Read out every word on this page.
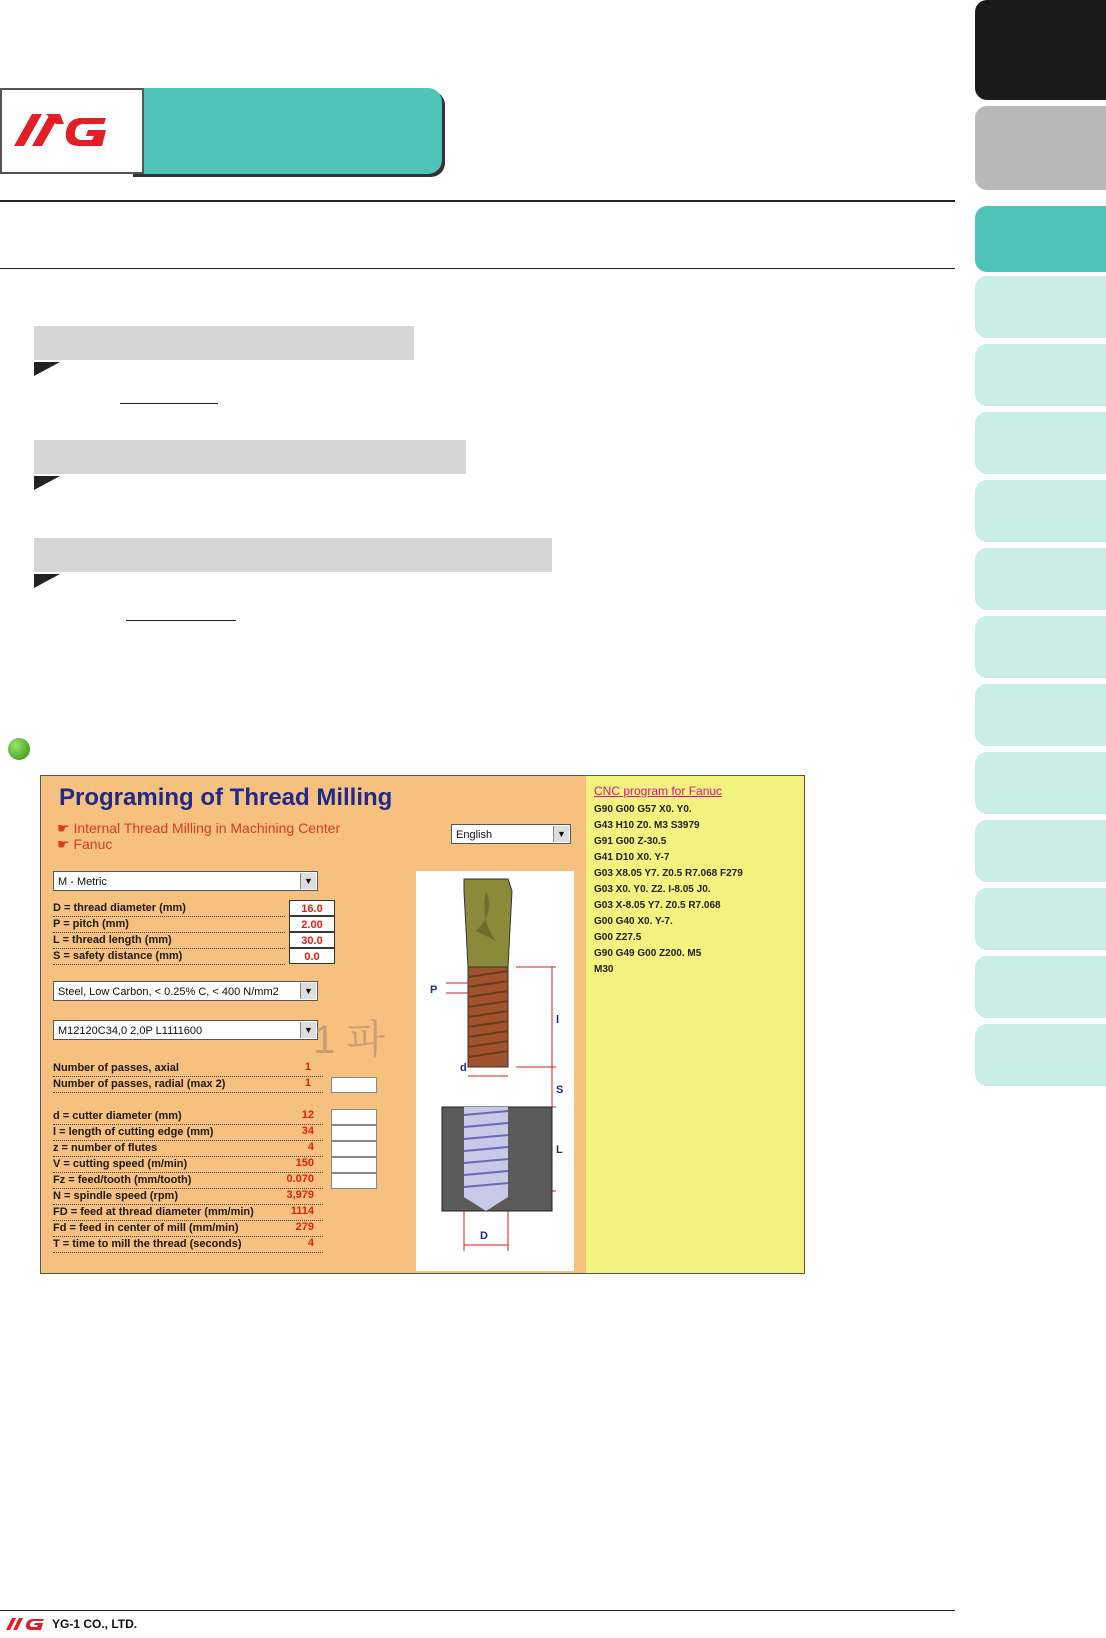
Programing of Thread Milling
☛ Internal Thread Milling in Machining Center
☛ Fanuc
English	▼
M - Metric	▼
D = thread diameter (mm)	16.0
P = pitch (mm)	2.00
L = thread length (mm)	30.0
S = safety distance (mm)	0.0
Steel, Low Carbon, < 0.25% C, < 400 N/mm2	▼
M12120C34,0 2,0P L1111600	▼ 1 파
Number of passes, axial	1
Number of passes, radial (max 2)	1
d = cutter diameter (mm)	12
l = length of cutting edge (mm)	34
z = number of flutes	4
V = cutting speed (m/min)	150
Fz = feed/tooth (mm/tooth)	0.070
N = spindle speed (rpm)	3,979
FD = feed at thread diameter (mm/min)	1114
Fd = feed in center of mill (mm/min)	279
T = time to mill the thread (seconds)	4
P
l
d
S
L
D
CNC program for Fanuc
G90 G00 G57 X0. Y0.
G43 H10 Z0. M3 S3979
G91 G00 Z-30.5
G41 D10 X0. Y-7
G03 X8.05 Y7. Z0.5 R7.068 F279
G03 X0. Y0. Z2. I-8.05 J0.
G03 X-8.05 Y7. Z0.5 R7.068
G00 G40 X0. Y-7.
G00 Z27.5
G90 G49 G00 Z200. M5
M30
YG-1 CO., LTD.
